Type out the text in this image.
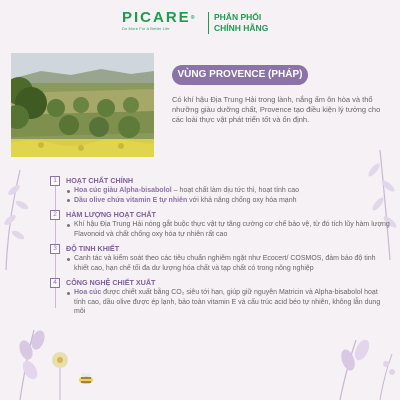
PICARE®
Do More For A Better Life
PHÂN PHỐI
CHÍNH HÃNG
VÙNG PROVENCE (PHÁP)
Có khí hậu Địa Trung Hải trong lành, nắng ấm ôn hòa và thổ nhưỡng giàu dưỡng chất, Provence tạo điều kiện lý tưởng cho các loài thực vật phát triển tốt và ổn định.
1	HOẠT CHẤT CHÍNH
Hoa cúc giàu Alpha-bisabolol – hoạt chất làm dịu tức thì, hoạt tính cao
Dầu olive chứa vitamin E tự nhiên với khả năng chống oxy hóa mạnh
2	HÀM LƯỢNG HOẠT CHẤT
Khí hậu Địa Trung Hải nóng gắt buộc thực vật tự tăng cường cơ chế bảo vệ, từ đó tích lũy hàm lượng Flavonoid và chất chống oxy hóa tự nhiên rất cao
3	ĐỘ TINH KHIẾT
Canh tác và kiểm soát theo các tiêu chuẩn nghiêm ngặt như Ecocert/ COSMOS, đảm bảo độ tinh khiết cao, hạn chế tối đa dư lượng hóa chất và tạp chất có trong nông nghiệp
4	CÔNG NGHỆ CHIẾT XUẤT
Hoa cúc được chiết xuất bằng CO₂ siêu tới hạn, giúp giữ nguyên Matricin và Alpha-bisabolol hoạt tính cao, dầu olive được ép lạnh, bảo toàn vitamin E và cấu trúc acid béo tự nhiên, không lẫn dung môi
